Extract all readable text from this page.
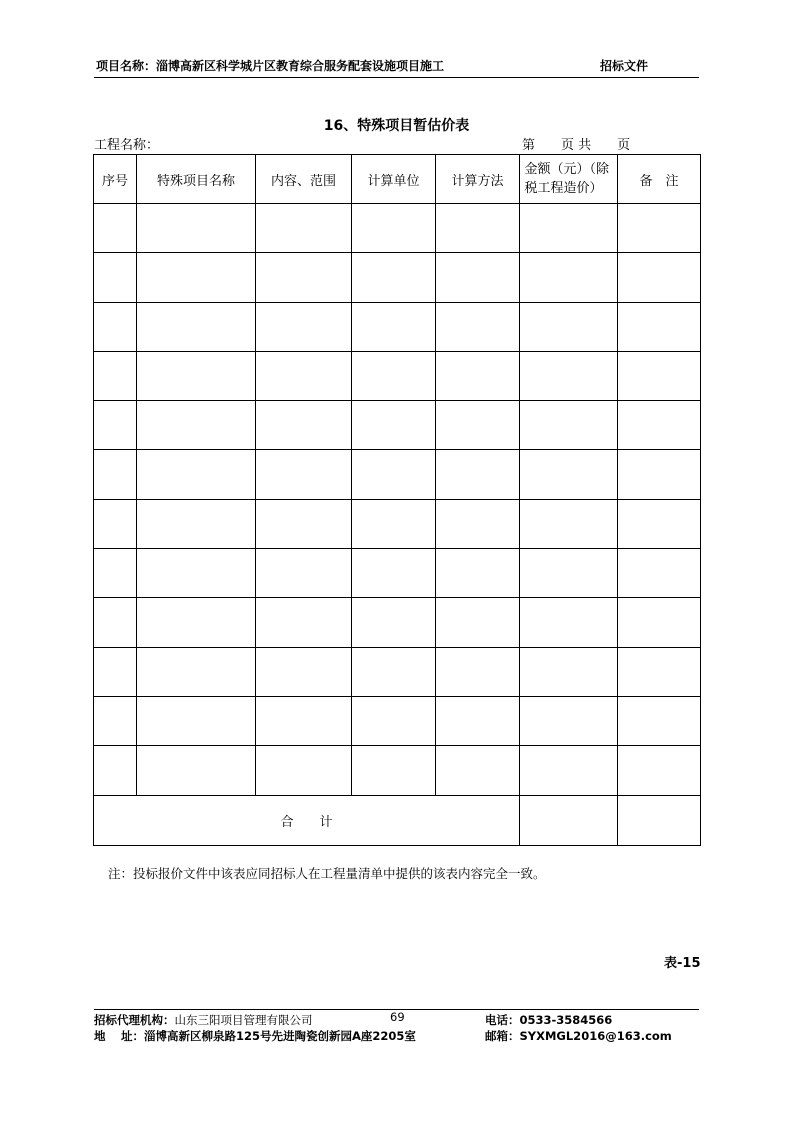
项目名称：淄博高新区科学城片区教育综合服务配套设施项目施工	招标文件
16、特殊项目暂估价表
工程名称：	第　　页 共　　页
序号	特殊项目名称	内容、范围	计算单位	计算方法	金额（元）（除税工程造价）	备　注

合　　计						
注：投标报价文件中该表应同招标人在工程量清单中提供的该表内容完全一致。
表-15
招标代理机构：山东三阳项目管理有限公司	69	电话：0533-3584566
地　 址：淄博高新区柳泉路125号先进陶瓷创新园A座2205室	邮箱：SYXMGL2016@163.com
